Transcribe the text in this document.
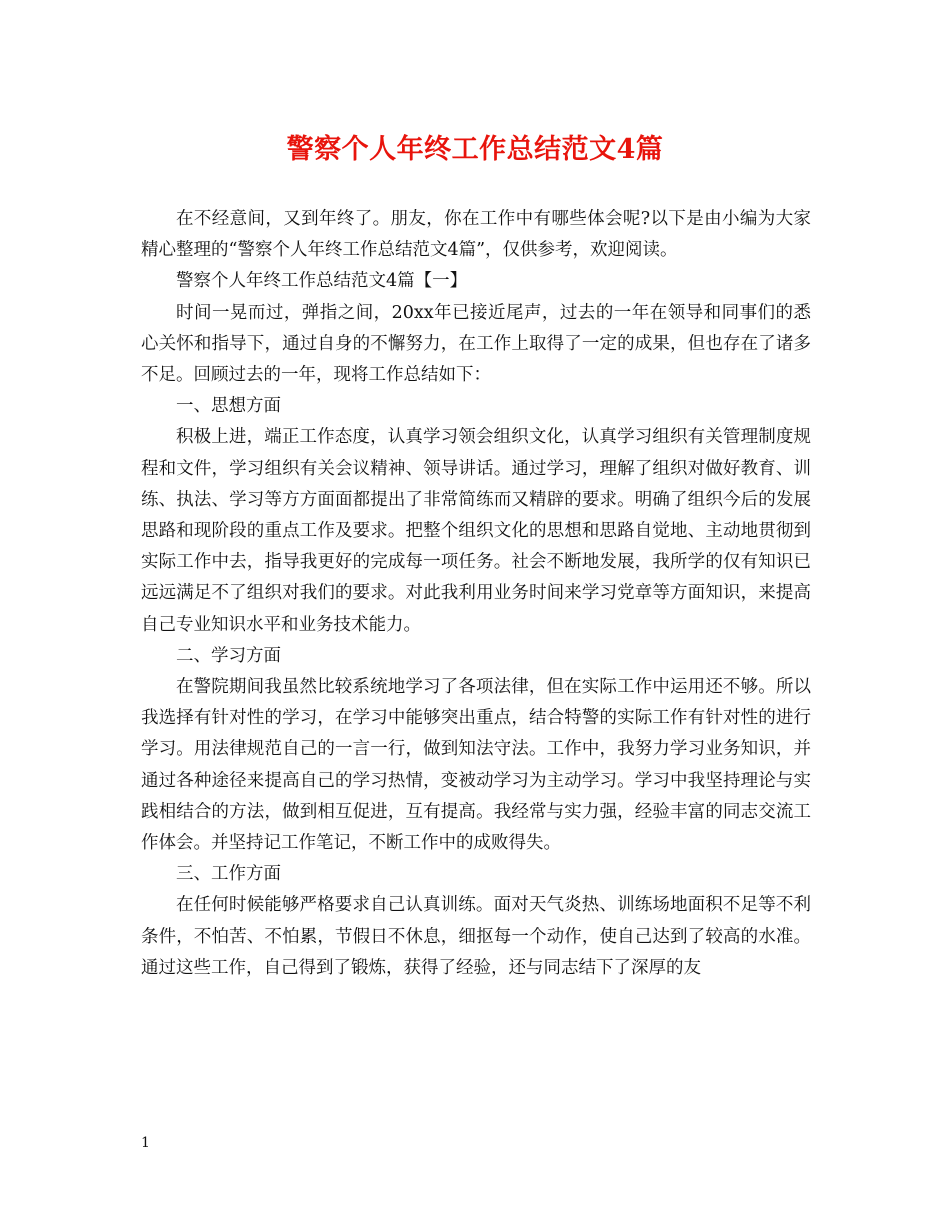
警察个人年终工作总结范文4篇

在不经意间，又到年终了。朋友，你在工作中有哪些体会呢?以下是由小编为大家精心整理的“警察个人年终工作总结范文4篇”，仅供参考，欢迎阅读。

警察个人年终工作总结范文4篇【一】

时间一晃而过，弹指之间，20xx年已接近尾声，过去的一年在领导和同事们的悉心关怀和指导下，通过自身的不懈努力，在工作上取得了一定的成果，但也存在了诸多不足。回顾过去的一年，现将工作总结如下：

一、思想方面

积极上进，端正工作态度，认真学习领会组织文化，认真学习组织有关管理制度规程和文件，学习组织有关会议精神、领导讲话。通过学习，理解了组织对做好教育、训练、执法、学习等方方面面都提出了非常简练而又精辟的要求。明确了组织今后的发展思路和现阶段的重点工作及要求。把整个组织文化的思想和思路自觉地、主动地贯彻到实际工作中去，指导我更好的完成每一项任务。社会不断地发展，我所学的仅有知识已远远满足不了组织对我们的要求。对此我利用业务时间来学习党章等方面知识，来提高自己专业知识水平和业务技术能力。

二、学习方面

在警院期间我虽然比较系统地学习了各项法律，但在实际工作中运用还不够。所以我选择有针对性的学习，在学习中能够突出重点，结合特警的实际工作有针对性的进行学习。用法律规范自己的一言一行，做到知法守法。工作中，我努力学习业务知识，并通过各种途径来提高自己的学习热情，变被动学习为主动学习。学习中我坚持理论与实践相结合的方法，做到相互促进，互有提高。我经常与实力强，经验丰富的同志交流工作体会。并坚持记工作笔记，不断工作中的成败得失。

三、工作方面

在任何时候能够严格要求自己认真训练。面对天气炎热、训练场地面积不足等不利条件，不怕苦、不怕累，节假日不休息，细抠每一个动作，使自己达到了较高的水准。通过这些工作，自己得到了锻炼，获得了经验，还与同志结下了深厚的友

1
